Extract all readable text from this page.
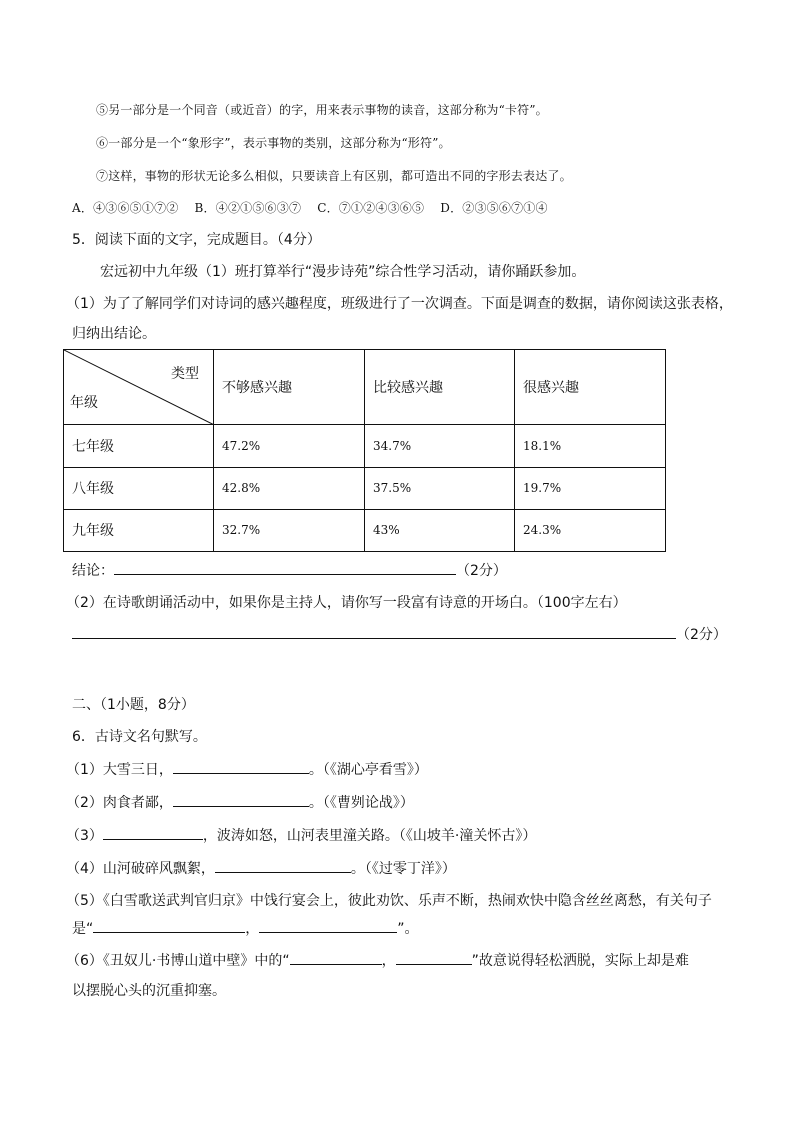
⑤另一部分是一个同音（或近音）的字，用来表示事物的读音，这部分称为“卡符”。
⑥一部分是一个“象形字”，表示事物的类别，这部分称为“形符”。
⑦这样，事物的形状无论多么相似，只要读音上有区别，都可造出不同的字形去表达了。
A．④③⑥⑤①⑦②    B．④②①⑤⑥③⑦    C．⑦①②④③⑥⑤    D．②③⑤⑥⑦①④
5．阅读下面的文字，完成题目。（4分）
宏远初中九年级（1）班打算举行“漫步诗苑”综合性学习活动，请你踊跃参加。
（1）为了了解同学们对诗词的感兴趣程度，班级进行了一次调查。下面是调查的数据，请你阅读这张表格，
归纳出结论。
类型
年级	不够感兴趣	比较感兴趣	很感兴趣
七年级	47.2%	34.7%	18.1%
八年级	42.8%	37.5%	19.7%
九年级	32.7%	43%	24.3%
结论：	（2分）
（2）在诗歌朗诵活动中，如果你是主持人，请你写一段富有诗意的开场白。（100字左右）
（2分）
二、（1小题，8分）
6．古诗文名句默写。
（1）大雪三日，	。（《湖心亭看雪》）
（2）肉食者鄙，	。（《曹刿论战》）
（3）	，波涛如怒，山河表里潼关路。（《山坡羊·潼关怀古》）
（4）山河破碎风飘絮，	。（《过零丁洋》）
（5）《白雪歌送武判官归京》中饯行宴会上，彼此劝饮、乐声不断，热闹欢快中隐含丝丝离愁，有关句子
是“	，	”。
（6）《丑奴儿·书博山道中壁》中的“	，	”故意说得轻松洒脱，实际上却是难
以摆脱心头的沉重抑塞。
